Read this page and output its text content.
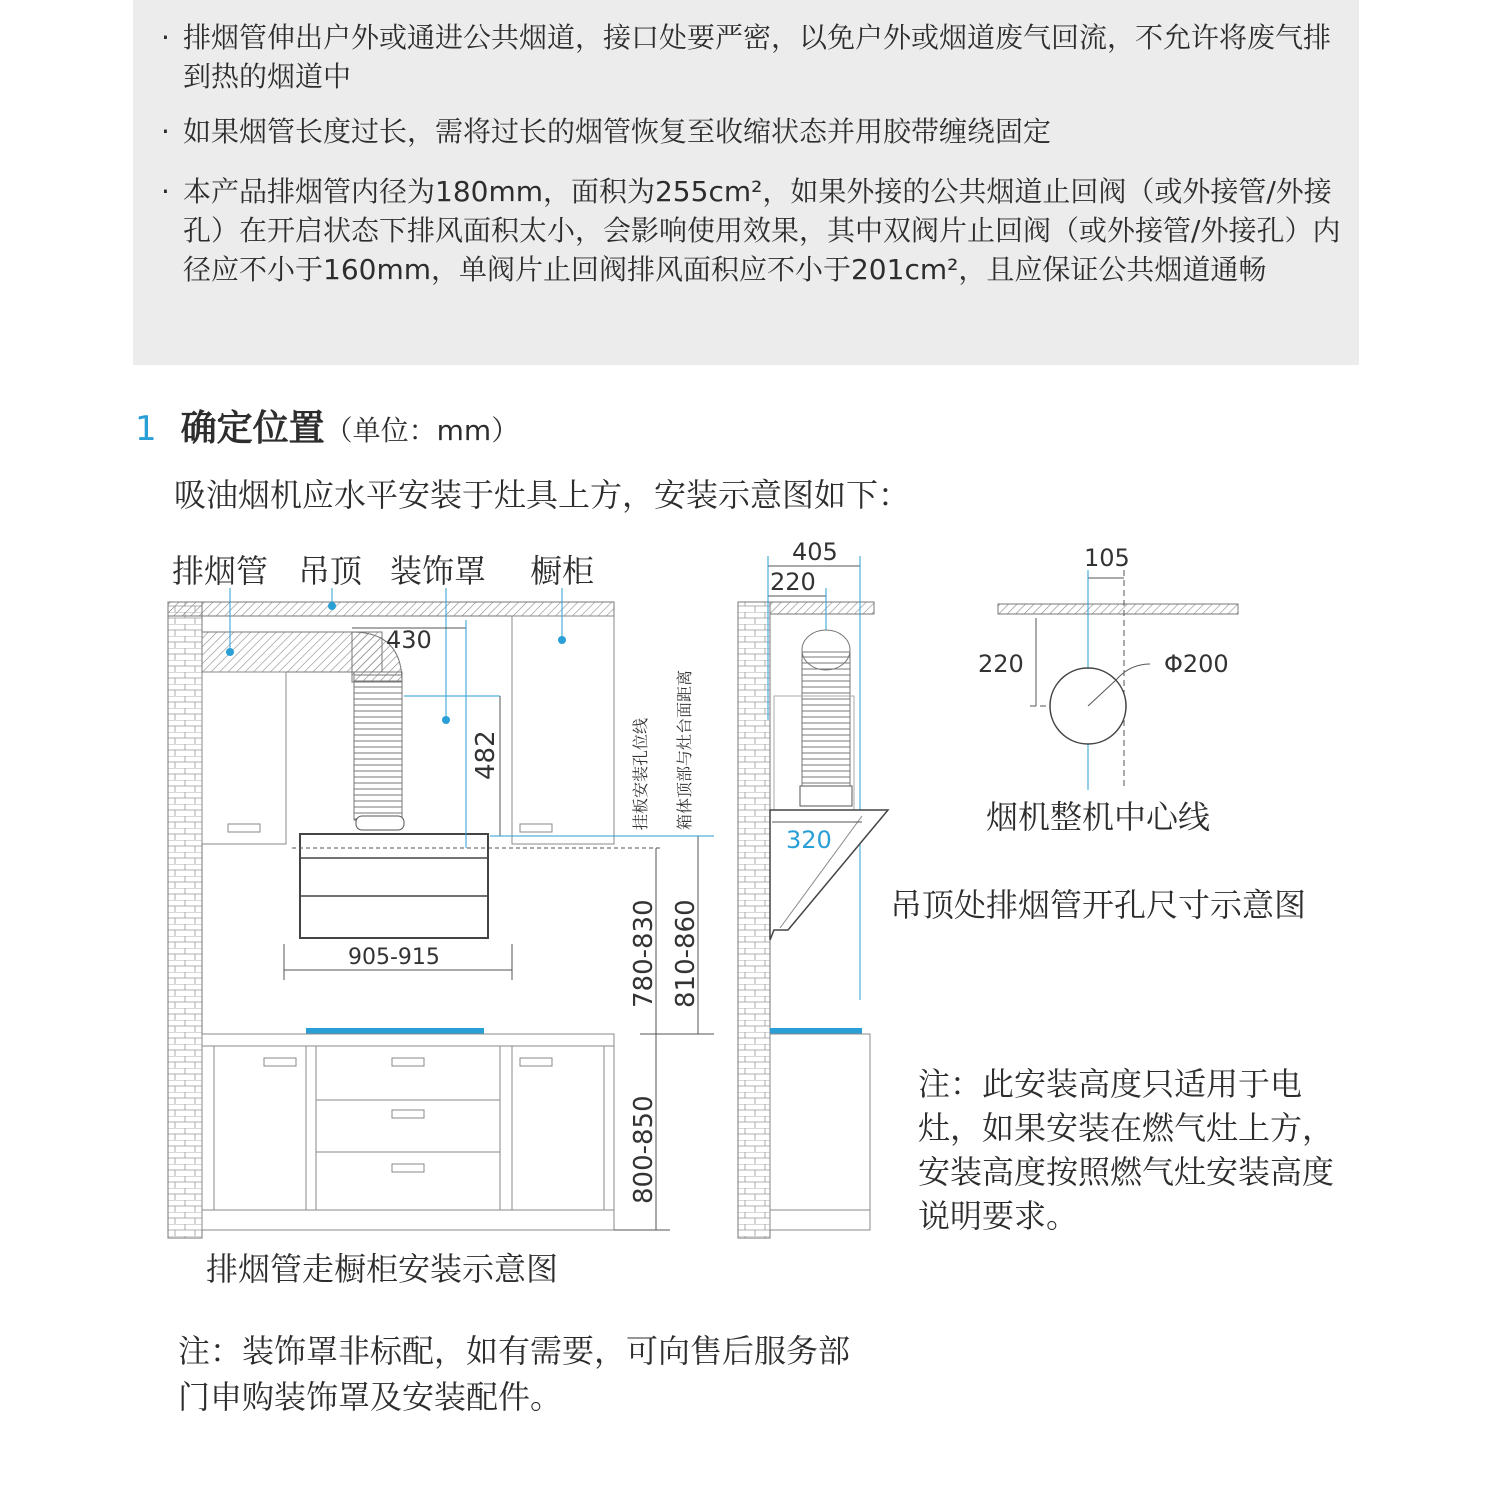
· 排烟管伸出户外或通进公共烟道，接口处要严密，以免户外或烟道废气回流，不允许将废气排到热的烟道中
· 如果烟管长度过长，需将过长的烟管恢复至收缩状态并用胶带缠绕固定
· 本产品排烟管内径为180mm，面积为255cm²，如果外接的公共烟道止回阀（或外接管/外接孔）在开启状态下排风面积太小，会影响使用效果，其中双阀片止回阀（或外接管/外接孔）内径应不小于160mm，单阀片止回阀排风面积应不小于201cm²，且应保证公共烟道通畅
1 确定位置（单位：mm）
吸油烟机应水平安装于灶具上方，安装示意图如下：
排烟管 吊顶 装饰罩 橱柜
430
482
905-915	780-830 810-860
800-850
挂板安装孔位线 箱体顶部与灶台面距离
排烟管走橱柜安装示意图
405
220
320
105
220	Φ200
烟机整机中心线
吊顶处排烟管开孔尺寸示意图
注：此安装高度只适用于电灶，如果安装在燃气灶上方，安装高度按照燃气灶安装高度说明要求。
注：装饰罩非标配，如有需要，可向售后服务部门申购装饰罩及安装配件。
